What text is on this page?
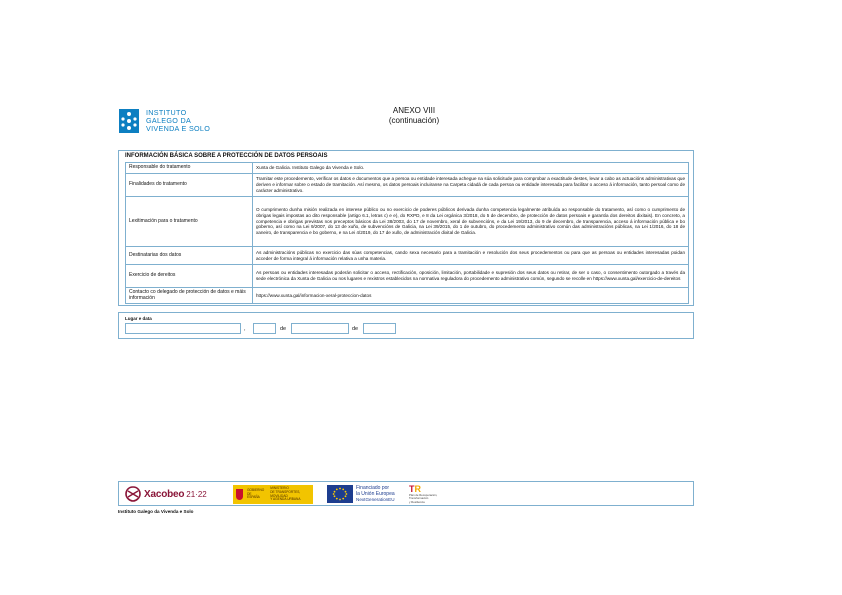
INSTITUTO
GALEGO DA
VIVENDA E SOLO
ANEXO VIII
(continuación)
INFORMACIÓN BÁSICA SOBRE A PROTECCIÓN DE DATOS PERSOAIS
Responsable do tratamento	Xunta de Galicia. Instituto Galego da Vivenda e Solo.
Finalidades do tratamento	Tramitar este procedemento, verificar os datos e documentos que a persoa ou entidade interesada achegue na súa solicitude para comprobar a exactitude destes, levar a cabo as actuacións administrativas que deriven e informar sobre o estado de tramitación. Así mesmo, os datos persoais incluiranse na Carpeta cidadá de cada persoa ou entidade interesada para facilitar o acceso á información, tanto persoal como de carácter administrativo.
Lexitimación para o tratamento	O cumprimento dunha misión realizada en interese público ou no exercicio de poderes públicos derivada dunha competencia legalmente atribuída ao responsable do tratamento, así como o cumprimento de obrigas legais impostas ao dito responsable (artigo 6.1, letras c) e e), do RXPD, e 8 da Lei orgánica 3/2018, do 5 de decembro, de protección de datos persoais e garantía dos dereitos dixitais). En concreto, a competencia e obrigas previstas nos preceptos básicos da Lei 38/2003, do 17 de novembro, xeral de subvencións, e da Lei 19/2013, do 9 de decembro, de transparencia, acceso á información pública e bo goberno, así como na Lei 9/2007, do 13 de xuño, de subvencións de Galicia, na Lei 39/2015, do 1 de outubro, do procedemento administrativo común das administracións públicas, na Lei 1/2016, do 18 de xaneiro, de transparencia e bo goberno, e na Lei 4/2019, do 17 de xullo, de administración dixital de Galicia.
Destinatarias dos datos	As administracións públicas no exercicio das súas competencias, cando sexa necesario para a tramitación e resolución dos seus procedementos ou para que as persoas ou entidades interesadas poidan acceder de forma integral á información relativa a unha materia.
Exercicio de dereitos	As persoas ou entidades interesadas poderán solicitar o acceso, rectificación, oposición, limitación, portabilidade e supresión dos seus datos ou retirar, de ser o caso, o consentimento outorgado a través da sede electrónica da Xunta de Galicia ou nos lugares e rexistros establecidos na normativa reguladora do procedemento administrativo común, segundo se recolle en https://www.xunta.gal/exercicio-de-dereitos
Contacto co delegado de protección de datos e máis información	https://www.xunta.gal/informacion-xeral-proteccion-datos
Lugar e data
,	de	de
Xacobeo 21·22	GOBIERNO
DE ESPAÑA
MINISTERIO
DE TRANSPORTES, MOVILIDAD
Y AGENDA URBANA
Financiado por
la Unión Europea
NextGenerationEU
TR
Plan de Recuperación,
Transformación
y Resiliencia
Instituto Galego da Vivenda e Solo
